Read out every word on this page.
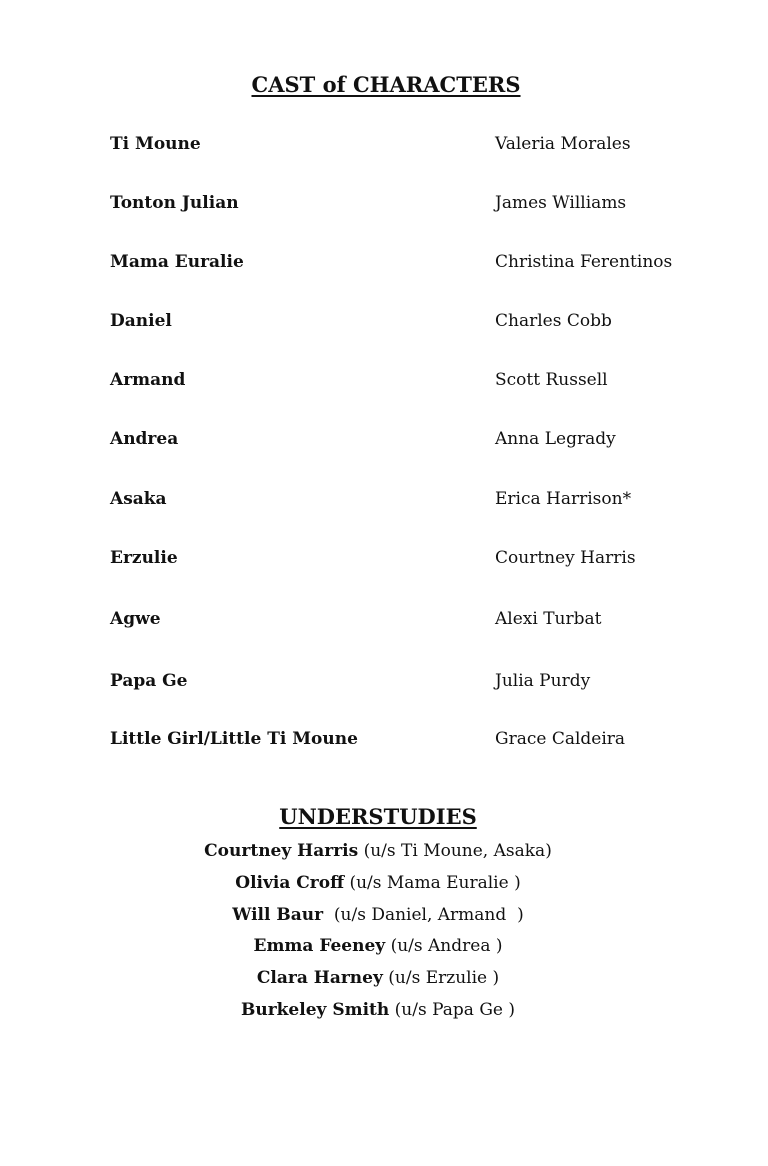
CAST of CHARACTERS
Ti Moune	Valeria Morales
Tonton Julian	James Williams
Mama Euralie	Christina Ferentinos
Daniel	Charles Cobb
Armand	Scott Russell
Andrea	Anna Legrady
Asaka	Erica Harrison*
Erzulie	Courtney Harris
Agwe	Alexi Turbat
Papa Ge	Julia Purdy
Little Girl/Little Ti Moune	Grace Caldeira
UNDERSTUDIES
Courtney Harris (u/s Ti Moune, Asaka)
Olivia Croff (u/s Mama Euralie )
Will Baur  (u/s Daniel, Armand  )
Emma Feeney (u/s Andrea )
Clara Harney (u/s Erzulie )
Burkeley Smith (u/s Papa Ge )
